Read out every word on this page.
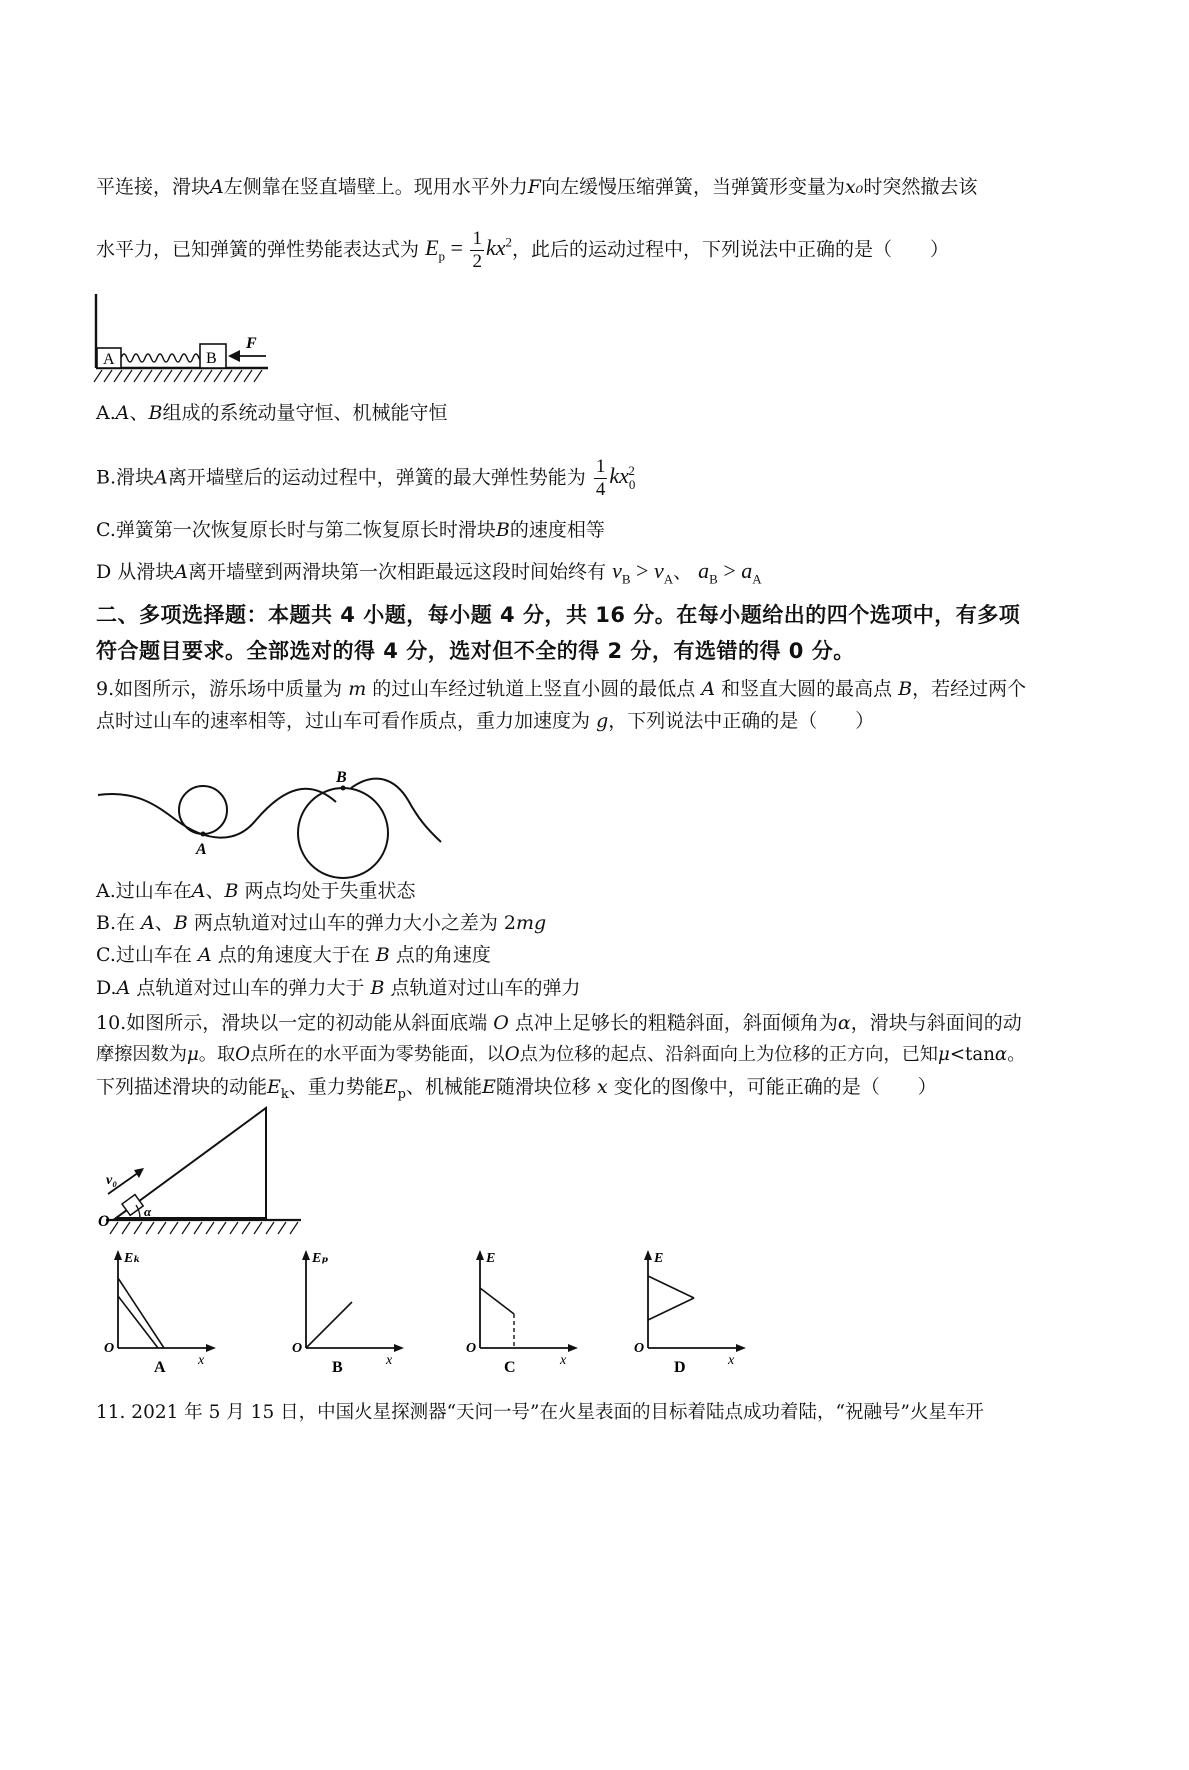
平连接，滑块A左侧靠在竖直墙壁上。现用水平外力F向左缓慢压缩弹簧，当弹簧形变量为x₀时突然撤去该
水平力，已知弹簧的弹性势能表达式为 $E_p = \frac{1}{2} kx^2$，此后的运动过程中，下列说法中正确的是（　　）
A	B
F
A.A、B组成的系统动量守恒、机械能守恒
B.滑块A离开墙壁后的运动过程中，弹簧的最大弹性势能为 $\frac{1}{4} kx_0^2$
C.弹簧第一次恢复原长时与第二恢复原长时滑块B的速度相等
D 从滑块A离开墙壁到两滑块第一次相距最远这段时间始终有 $v_B > v_A$、 $a_B > a_A$
二、多项选择题：本题共 4 小题，每小题 4 分，共 16 分。在每小题给出的四个选项中，有多项
符合题目要求。全部选对的得 4 分，选对但不全的得 2 分，有选错的得 0 分。
9.如图所示，游乐场中质量为 m 的过山车经过轨道上竖直小圆的最低点 A 和竖直大圆的最高点 B，若经过两个
点时过山车的速率相等，过山车可看作质点，重力加速度为 g，下列说法中正确的是（　　）
A
B
A.过山车在A、B 两点均处于失重状态
B.在 A、B 两点轨道对过山车的弹力大小之差为 2mg
C.过山车在 A 点的角速度大于在 B 点的角速度
D.A 点轨道对过山车的弹力大于 B 点轨道对过山车的弹力
10.如图所示，滑块以一定的初动能从斜面底端 O 点冲上足够长的粗糙斜面，斜面倾角为α，滑块与斜面间的动
摩擦因数为μ。取O点所在的水平面为零势能面，以O点为位移的起点、沿斜面向上为位移的正方向，已知μ<tanα。
下列描述滑块的动能$E_k$、重力势能$E_p$、机械能E随滑块位移 x 变化的图像中，可能正确的是（　　）
v₀
α
O
Eₖ
O
x
A
Eₚ
O
x
B
E
O
x
C
E
O
x
D
11. 2021 年 5 月 15 日，中国火星探测器“天问一号”在火星表面的目标着陆点成功着陆，“祝融号”火星车开
